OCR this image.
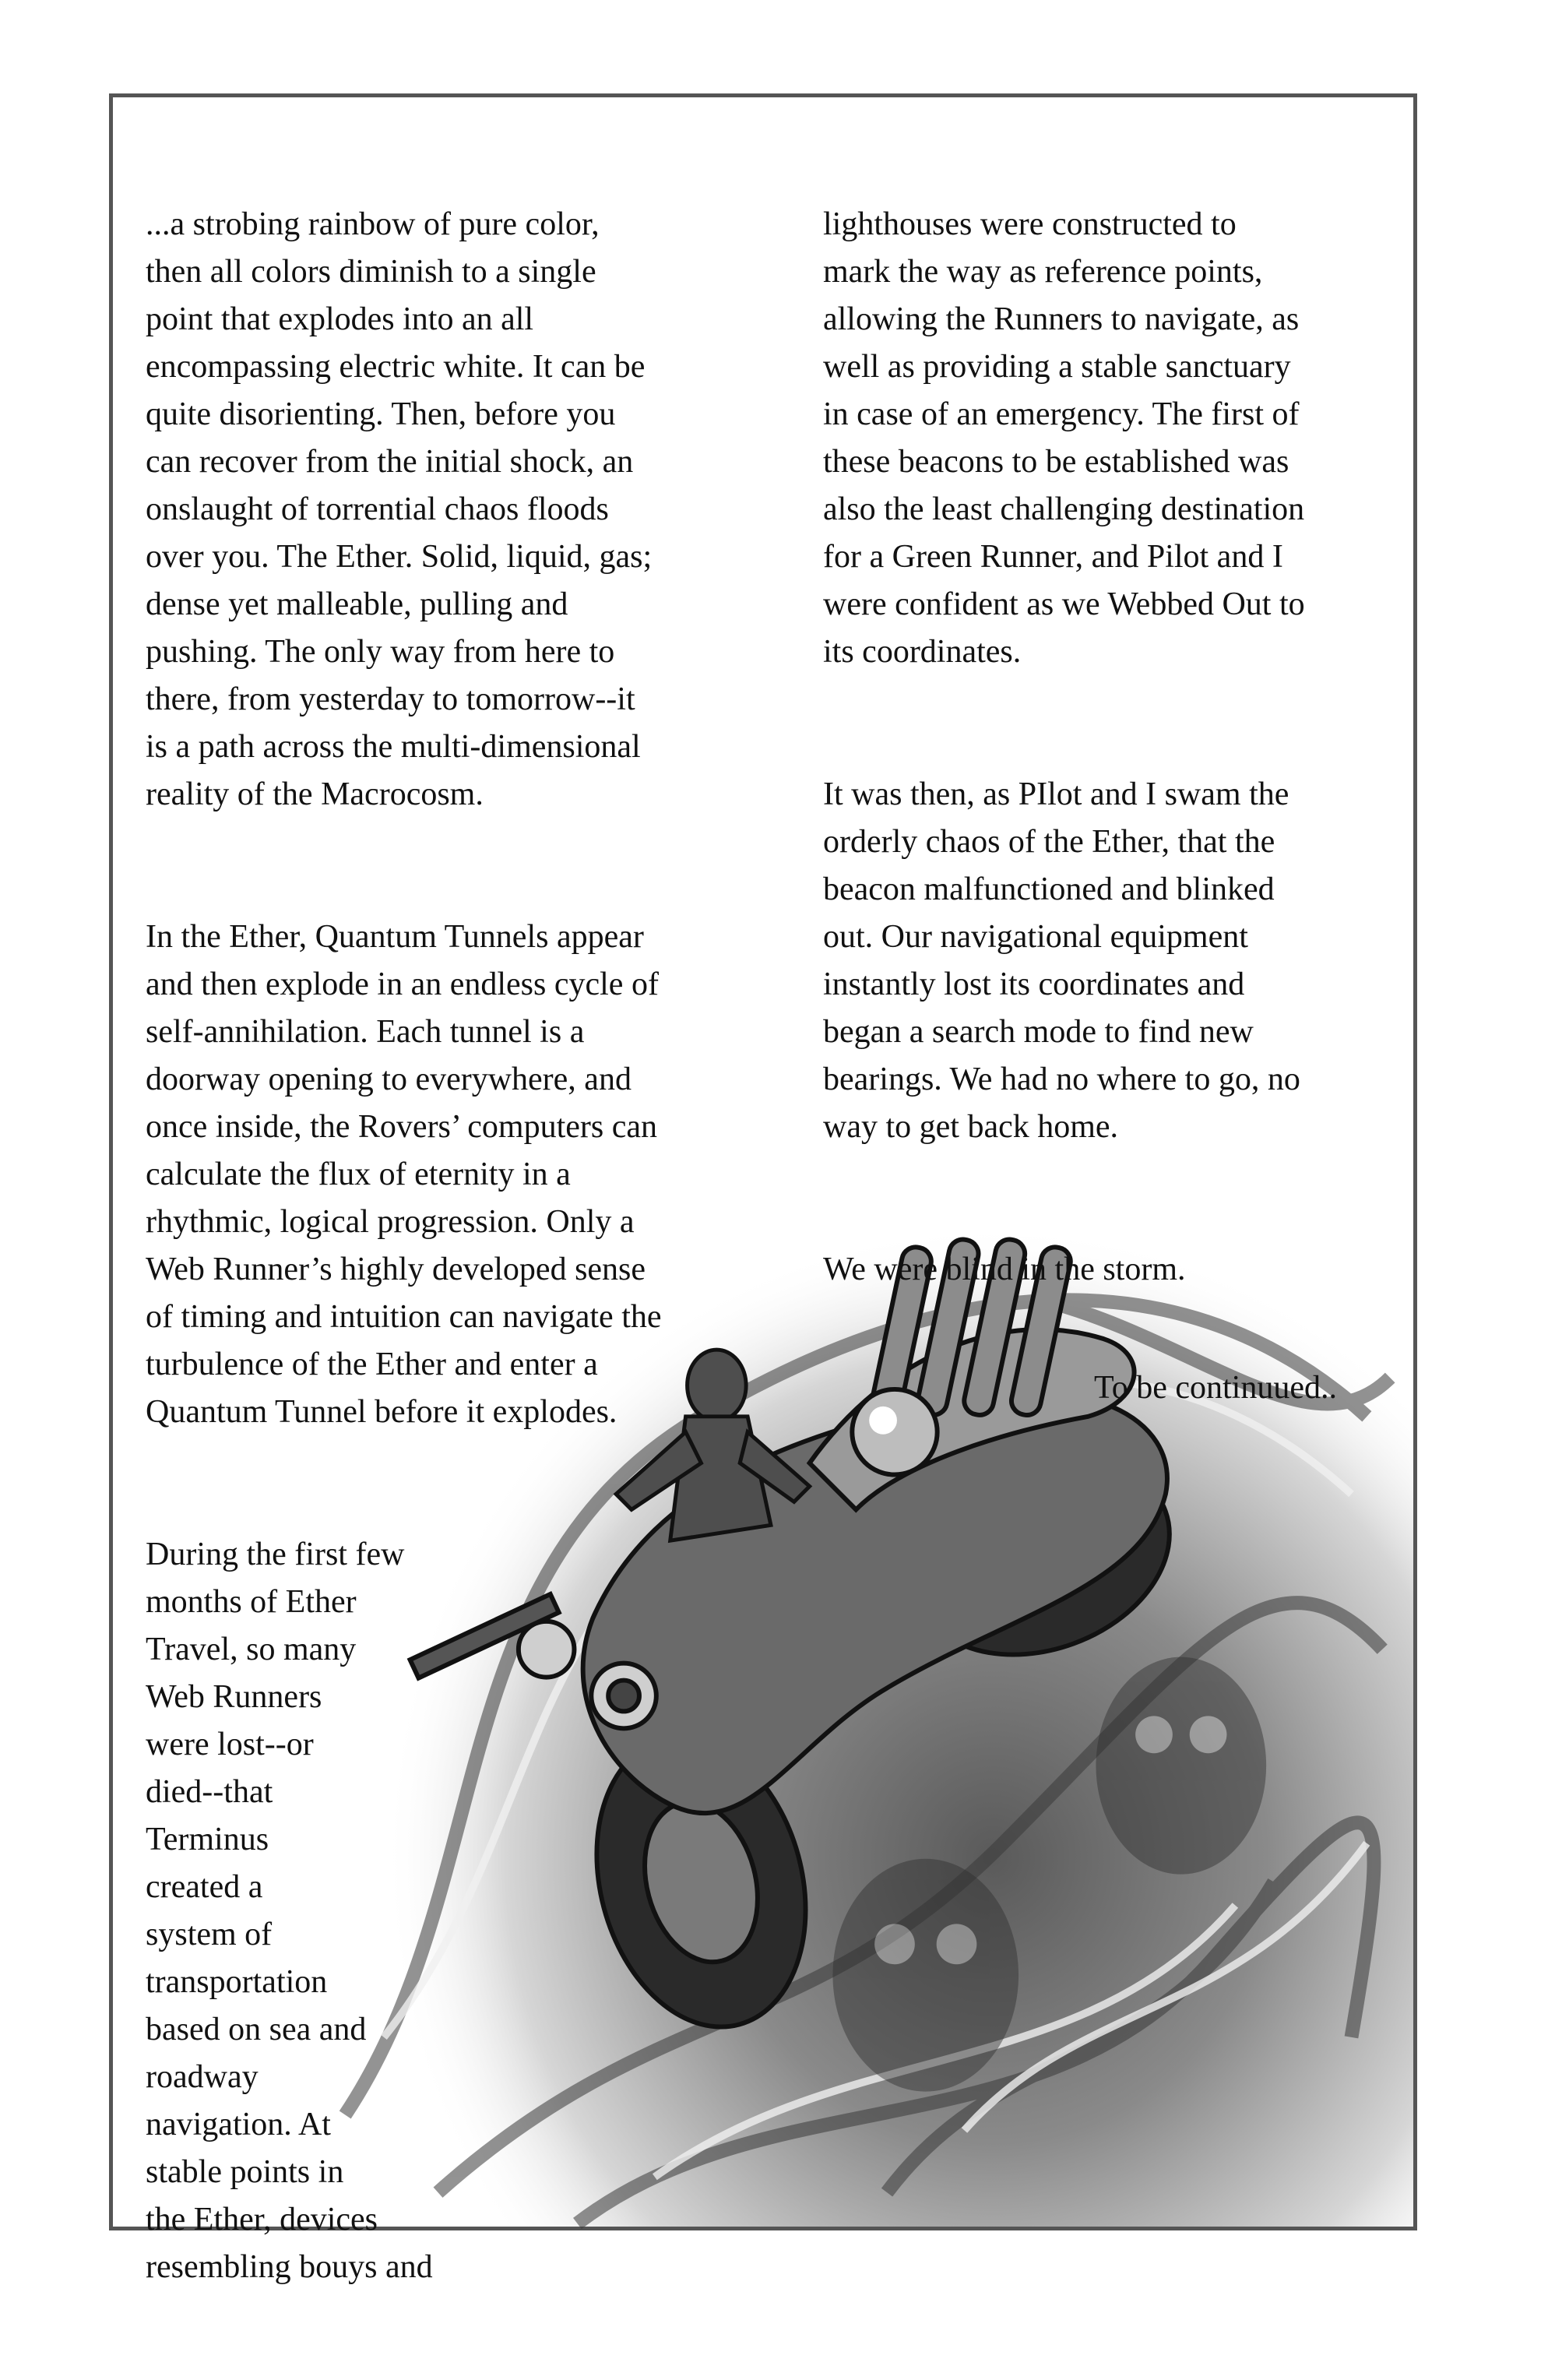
...a strobing rainbow of pure color,
then all colors diminish to a single
point that explodes into an all
encompassing electric white. It can be
quite disorienting. Then, before you
can recover from the initial shock, an
onslaught of torrential chaos floods
over you. The Ether. Solid, liquid, gas;
dense yet malleable, pulling and
pushing. The only way from here to
there, from yesterday to tomorrow--it
is a path across the multi-dimensional
reality of the Macrocosm.

In the Ether, Quantum Tunnels appear
and then explode in an endless cycle of
self-annihilation. Each tunnel is a
doorway opening to everywhere, and
once inside, the Rovers’ computers can
calculate the flux of eternity in a
rhythmic, logical progression. Only a
Web Runner’s highly developed sense
of timing and intuition can navigate the
turbulence of the Ether and enter a
Quantum Tunnel before it explodes.

During the first few
months of Ether
Travel, so many
Web Runners
were lost--or
died--that
Terminus
created a
system of
transportation
based on sea and
roadway
navigation. At
stable points in
the Ether, devices
resembling bouys and

lighthouses were constructed to
mark the way as reference points,
allowing the Runners to navigate, as
well as providing a stable sanctuary
in case of an emergency. The first of
these beacons to be established was
also the least challenging destination
for a Green Runner, and Pilot and I
were confident as we Webbed Out to
its coordinates.

It was then, as PIlot and I swam the
orderly chaos of the Ether, that the
beacon malfunctioned and blinked
out. Our navigational equipment
instantly lost its coordinates and
began a search mode to find new
bearings. We had no where to go, no
way to get back home.

We were blind in the storm.

To be continuued..
